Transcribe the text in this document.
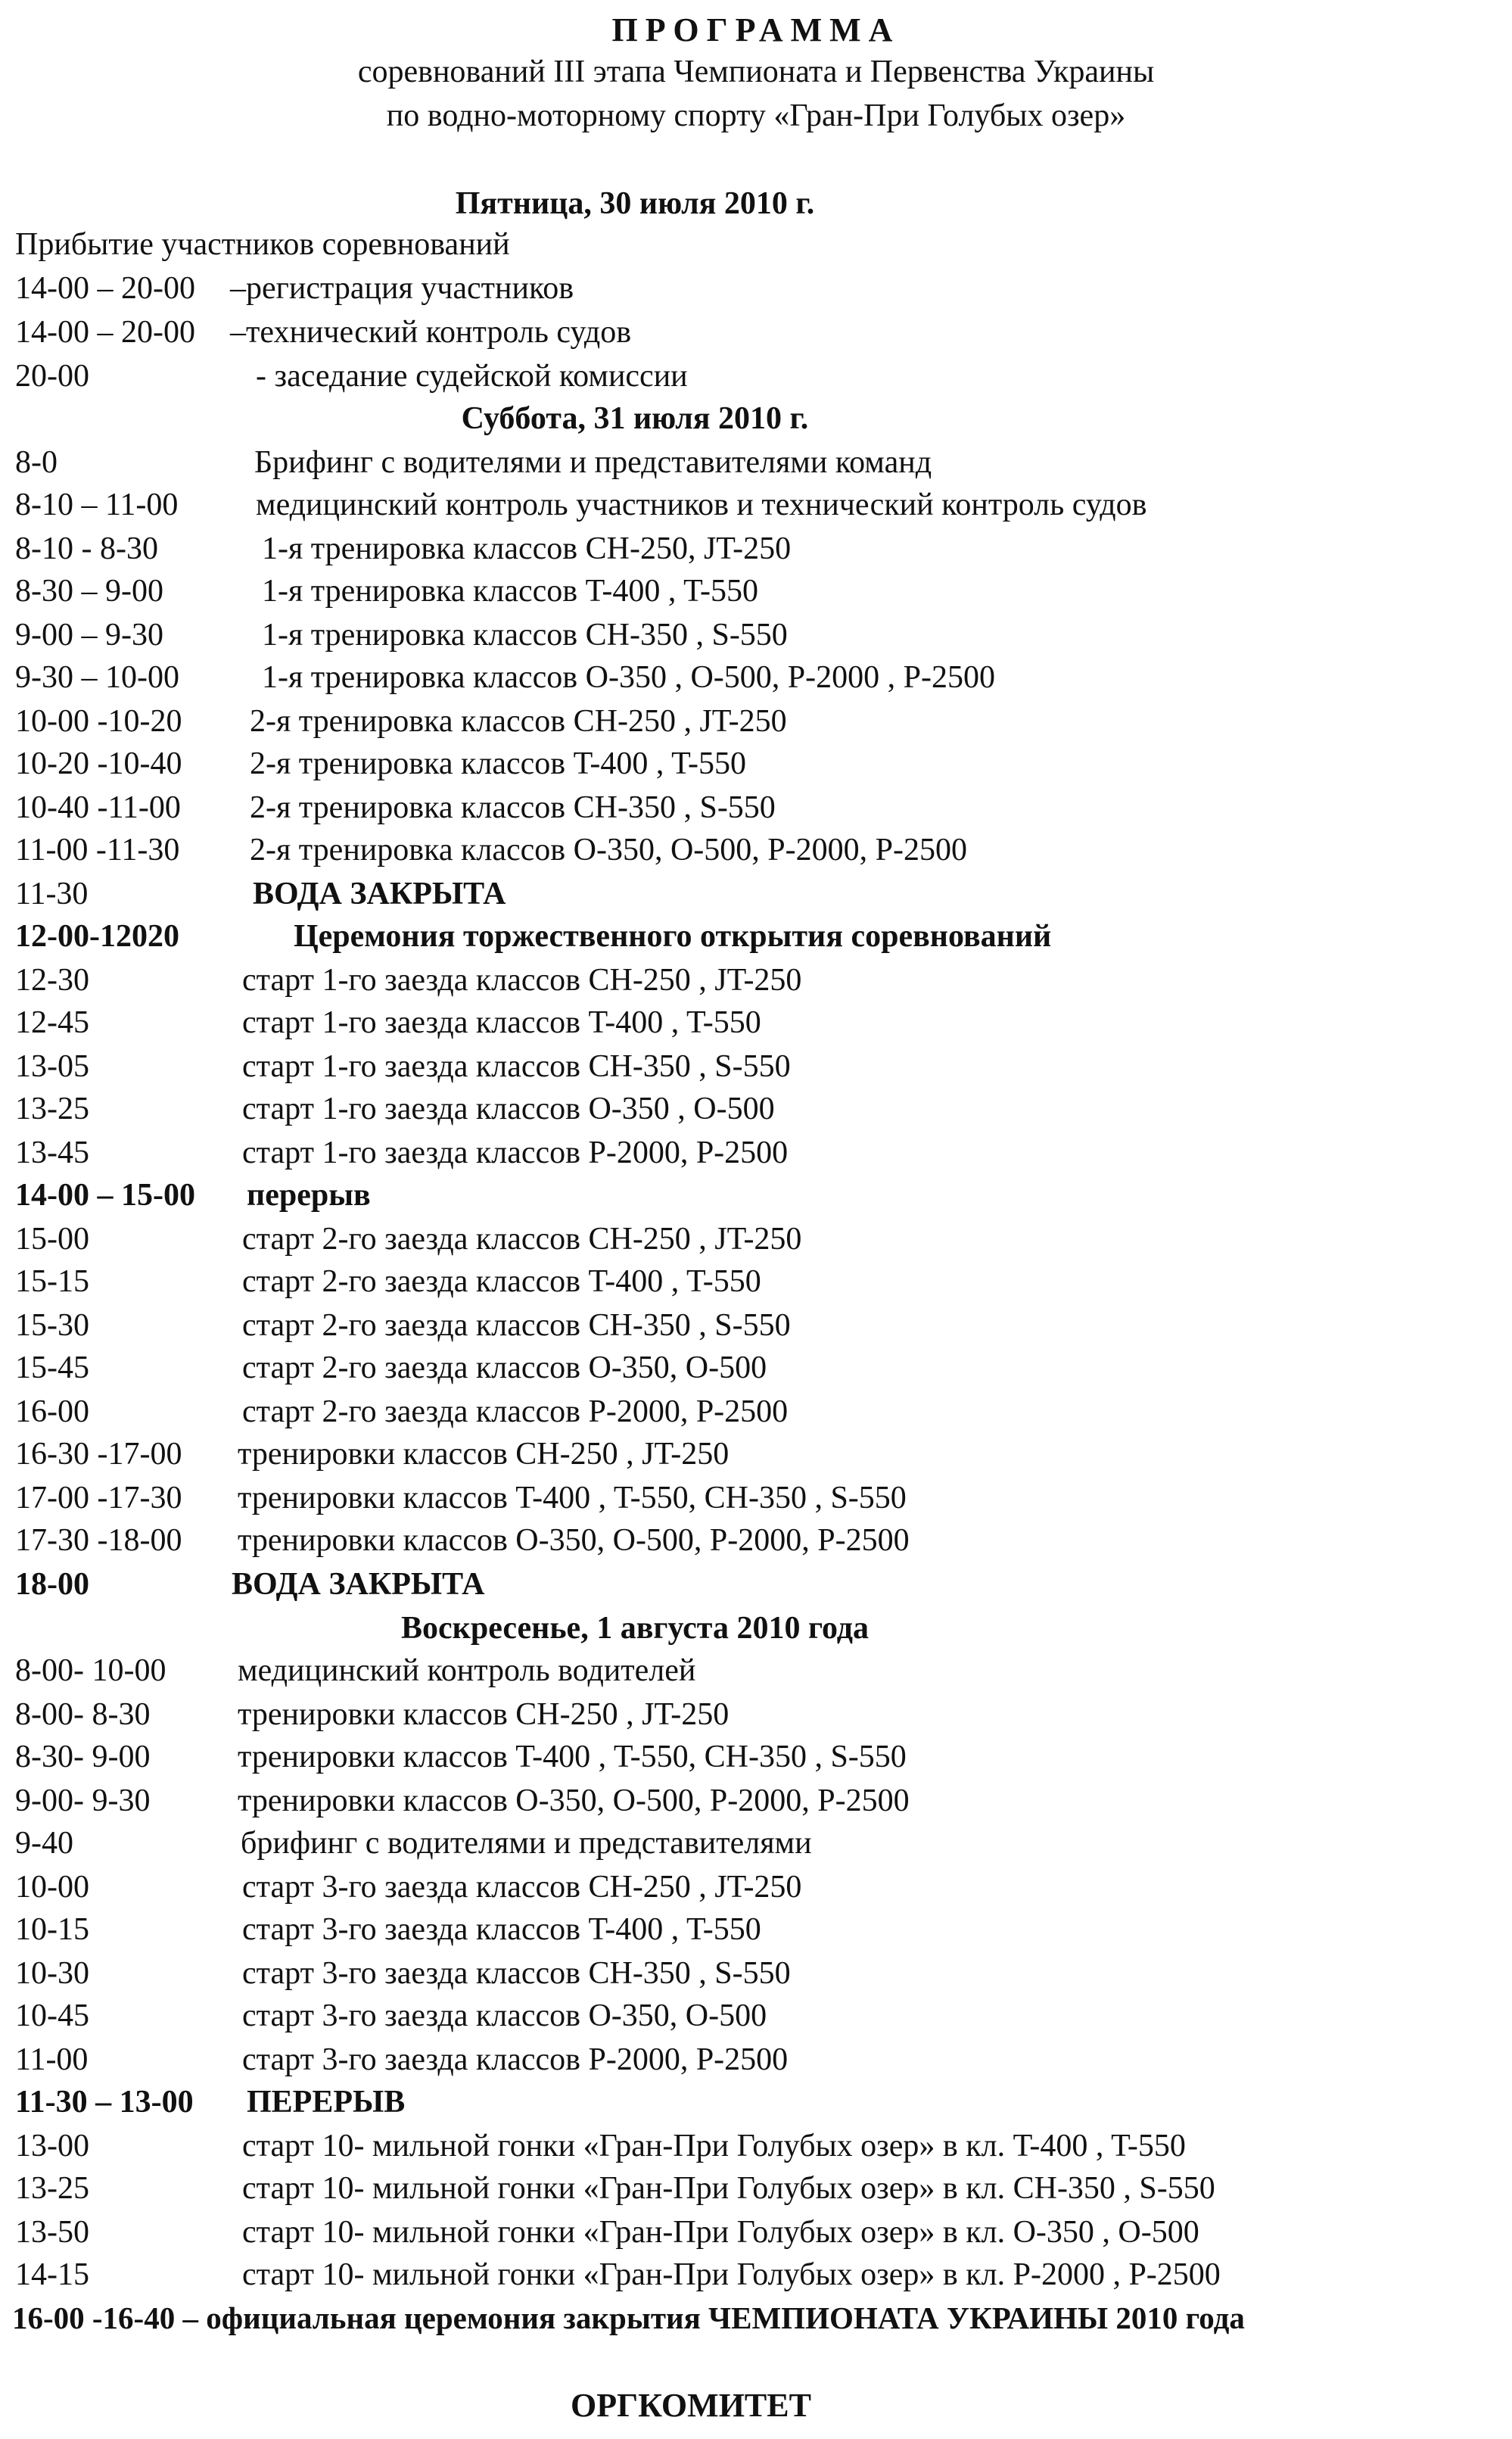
ПРОГРАММА
соревнований III этапа Чемпионата и Первенства Украины
по водно-моторному спорту «Гран-При Голубых озер»
Пятница, 30 июля 2010 г.
Прибытие участников соревнований
14-00 – 20-00 –регистрация участников
14-00 – 20-00 –технический контроль судов
20-00	- заседание судейской комиссии
Суббота, 31 июля 2010 г.
8-0	Брифинг с водителями и представителями команд
8-10 – 11-00 медицинский контроль участников и технический контроль судов
8-10 - 8-30	1-я тренировка классов CH-250, JT-250
8-30 – 9-00	1-я тренировка классов T-400 , T-550
9-00 – 9-30	1-я тренировка классов CH-350 , S-550
9-30 – 10-00	1-я тренировка классов O-350 , O-500, P-2000 , P-2500
10-00 -10-20 2-я тренировка классов CH-250 , JT-250
10-20 -10-40 2-я тренировка классов T-400 , T-550
10-40 -11-00 2-я тренировка классов CH-350 , S-550
11-00 -11-30 2-я тренировка классов O-350, O-500, P-2000, P-2500
11-30	ВОДА ЗАКРЫТА
12-00-12020	Церемония торжественного открытия соревнований
12-30	старт 1-го заезда классов CH-250 , JT-250
12-45	старт 1-го заезда классов T-400 , T-550
13-05	старт 1-го заезда классов CH-350 , S-550
13-25	старт 1-го заезда классов O-350 , O-500
13-45	старт 1-го заезда классов P-2000, P-2500
14-00 – 15-00 перерыв
15-00	старт 2-го заезда классов CH-250 , JT-250
15-15	старт 2-го заезда классов T-400 , T-550
15-30	старт 2-го заезда классов CH-350 , S-550
15-45	старт 2-го заезда классов O-350, O-500
16-00	старт 2-го заезда классов P-2000, P-2500
16-30 -17-00 тренировки классов CH-250 , JT-250
17-00 -17-30 тренировки классов T-400 , T-550, CH-350 , S-550
17-30 -18-00 тренировки классов O-350, O-500, P-2000, P-2500
18-00	ВОДА ЗАКРЫТА
Воскресенье, 1 августа 2010 года
8-00- 10-00 медицинский контроль водителей
8-00- 8-30	тренировки классов CH-250 , JT-250
8-30- 9-00	тренировки классов T-400 , T-550, CH-350 , S-550
9-00- 9-30	тренировки классов O-350, O-500, P-2000, P-2500
9-40	брифинг с водителями и представителями
10-00	старт 3-го заезда классов CH-250 , JT-250
10-15	старт 3-го заезда классов T-400 , T-550
10-30	старт 3-го заезда классов CH-350 , S-550
10-45	старт 3-го заезда классов O-350, O-500
11-00	старт 3-го заезда классов P-2000, P-2500
11-30 – 13-00 ПЕРЕРЫВ
13-00	старт 10- мильной гонки «Гран-При Голубых озер» в кл. T-400 , T-550
13-25	старт 10- мильной гонки «Гран-При Голубых озер» в кл. CH-350 , S-550
13-50	старт 10- мильной гонки «Гран-При Голубых озер» в кл. O-350 , O-500
14-15	старт 10- мильной гонки «Гран-При Голубых озер» в кл. P-2000 , P-2500
16-00 -16-40 – официальная церемония закрытия ЧЕМПИОНАТА УКРАИНЫ 2010 года
ОРГКОМИТЕТ
